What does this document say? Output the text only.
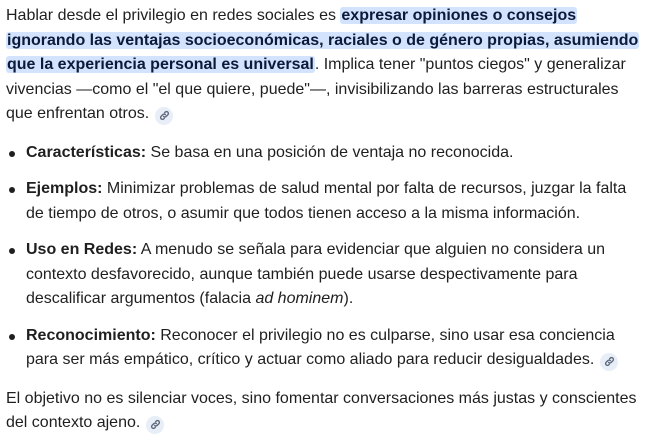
Hablar desde el privilegio en redes sociales es expresar opiniones o consejos ignorando las ventajas socioeconómicas, raciales o de género propias, asumiendo que la experiencia personal es universal. Implica tener "puntos ciegos" y generalizar vivencias —como el "el que quiere, puede"—, invisibilizando las barreras estructurales que enfrentan otros.

Características: Se basa en una posición de ventaja no reconocida.
Ejemplos: Minimizar problemas de salud mental por falta de recursos, juzgar la falta de tiempo de otros, o asumir que todos tienen acceso a la misma información.
Uso en Redes: A menudo se señala para evidenciar que alguien no considera un contexto desfavorecido, aunque también puede usarse despectivamente para descalificar argumentos (falacia ad hominem).
Reconocimiento: Reconocer el privilegio no es culparse, sino usar esa conciencia para ser más empático, crítico y actuar como aliado para reducir desigualdades.

El objetivo no es silenciar voces, sino fomentar conversaciones más justas y conscientes del contexto ajeno.
